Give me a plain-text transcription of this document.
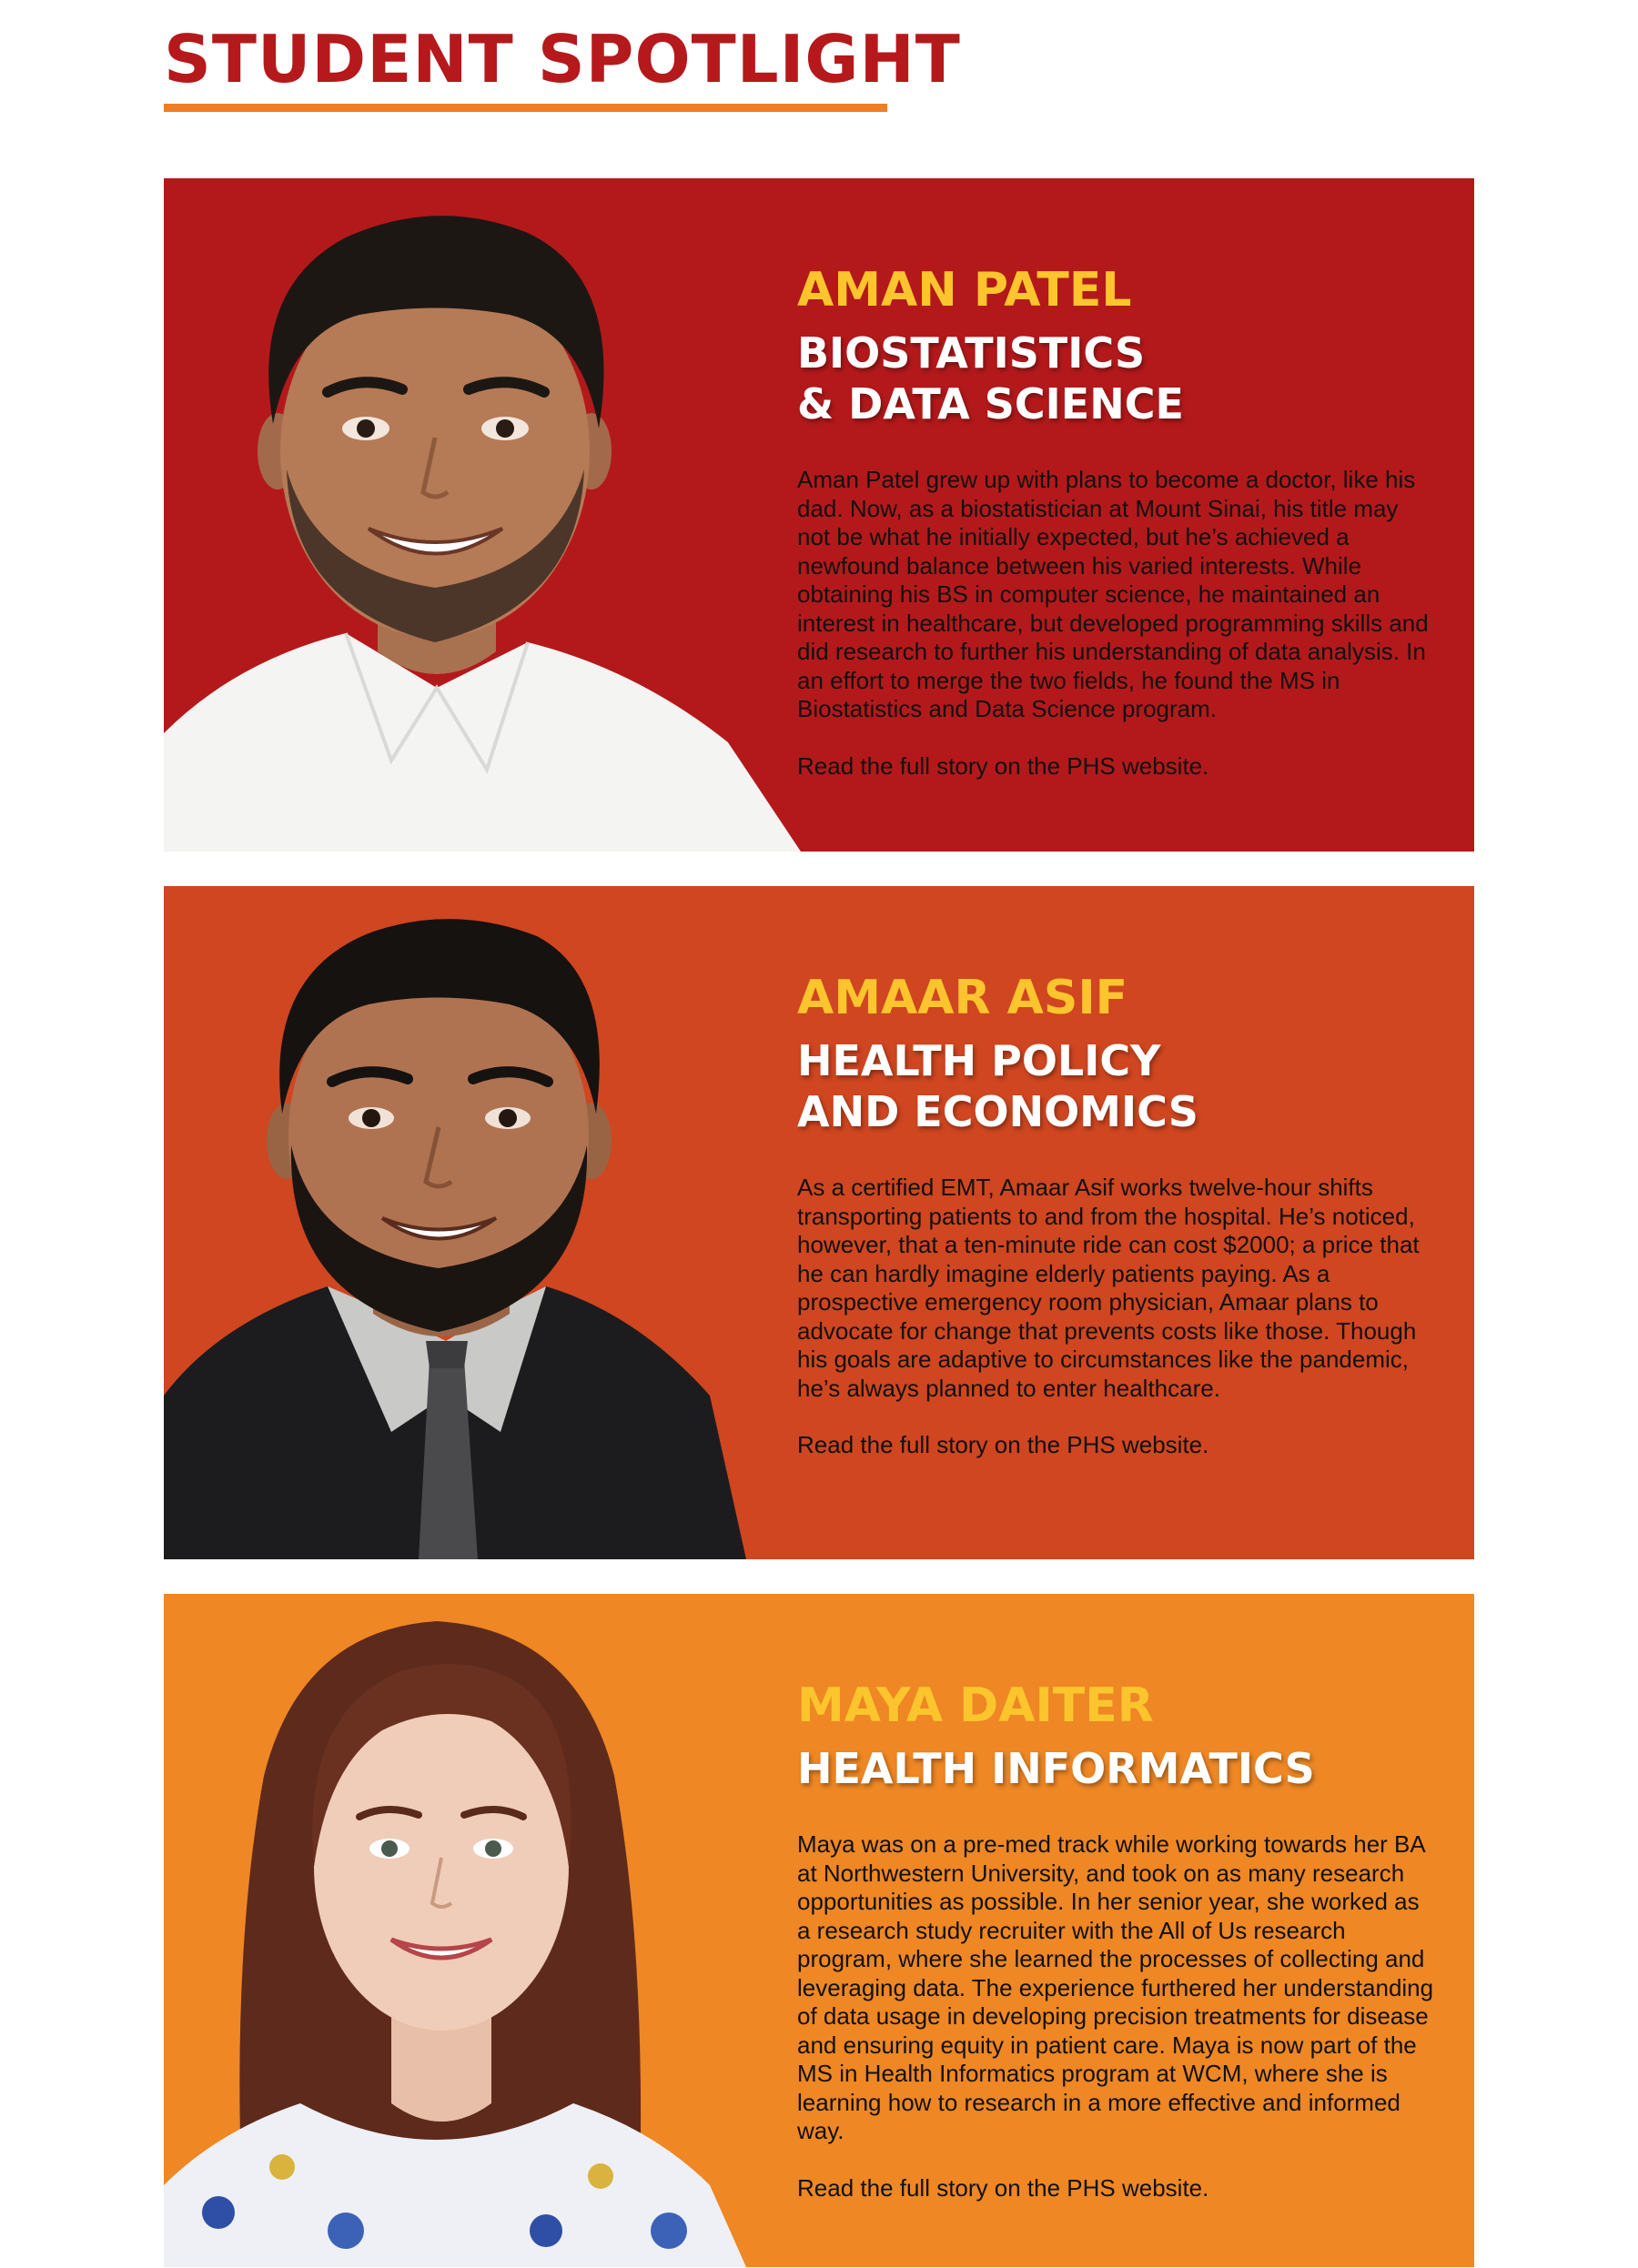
STUDENT SPOTLIGHT
AMAN PATEL
BIOSTATISTICS
& DATA SCIENCE

Aman Patel grew up with plans to become a doctor, like his dad. Now, as a biostatistician at Mount Sinai, his title may not be what he initially expected, but he’s achieved a newfound balance between his varied interests. While obtaining his BS in computer science, he maintained an interest in healthcare, but developed programming skills and did research to further his understanding of data analysis. In an effort to merge the two fields, he found the MS in Biostatistics and Data Science program.

Read the full story on the PHS website.

AMAAR ASIF
HEALTH POLICY
AND ECONOMICS

As a certified EMT, Amaar Asif works twelve-hour shifts transporting patients to and from the hospital. He’s noticed, however, that a ten-minute ride can cost $2000; a price that he can hardly imagine elderly patients paying. As a prospective emergency room physician, Amaar plans to advocate for change that prevents costs like those. Though his goals are adaptive to circumstances like the pandemic, he’s always planned to enter healthcare.

Read the full story on the PHS website.

MAYA DAITER
HEALTH INFORMATICS

Maya was on a pre-med track while working towards her BA at Northwestern University, and took on as many research opportunities as possible. In her senior year, she worked as a research study recruiter with the All of Us research program, where she learned the processes of collecting and leveraging data. The experience furthered her understanding of data usage in developing precision treatments for disease and ensuring equity in patient care. Maya is now part of the MS in Health Informatics program at WCM, where she is learning how to research in a more effective and informed way.

Read the full story on the PHS website.
